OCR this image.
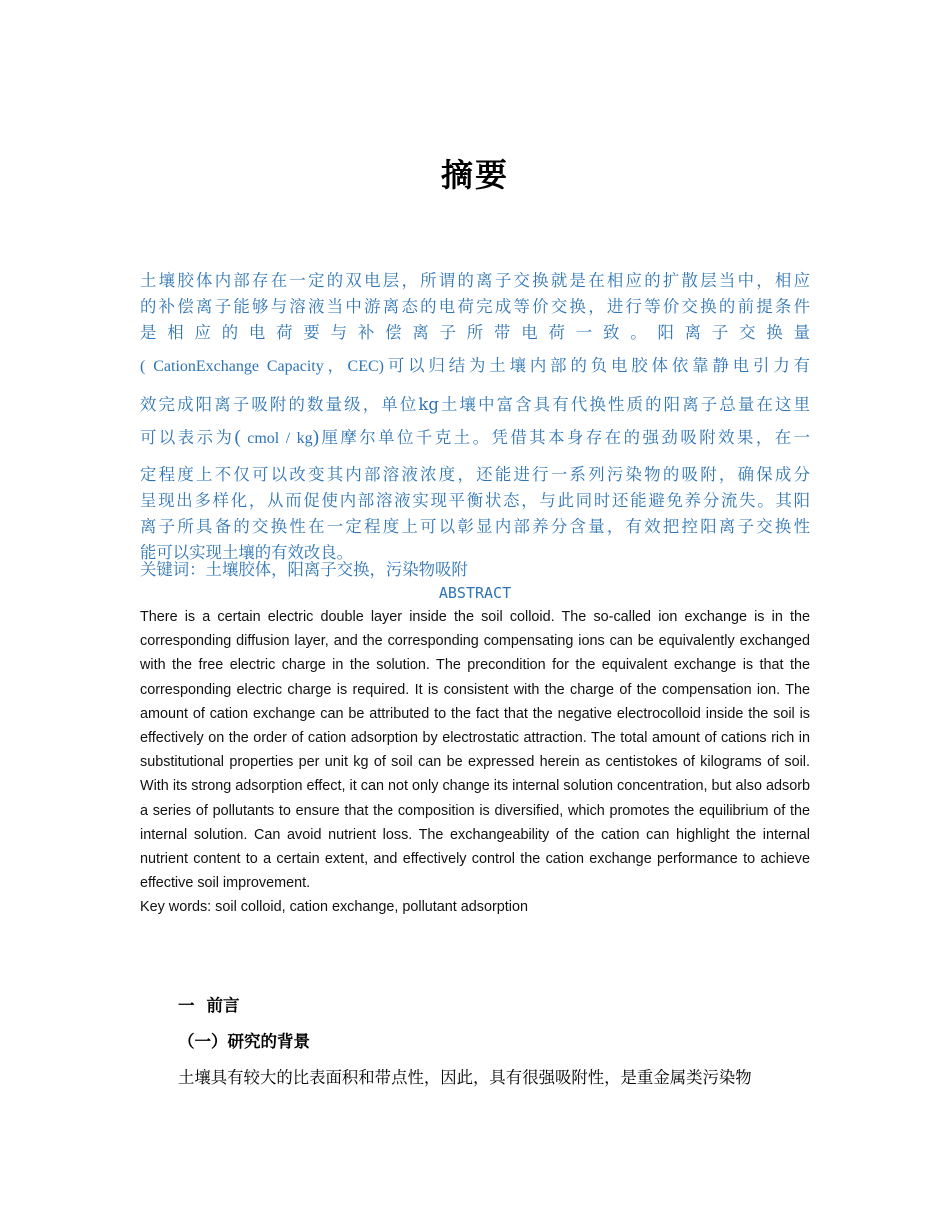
摘要
土壤胶体内部存在一定的双电层，所谓的离子交换就是在相应的扩散层当中，相应
的补偿离子能够与溶液当中游离态的电荷完成等价交换，进行等价交换的前提条件
是相应的电荷要与补偿离子所带电荷一致。阳离子交换量
( CationExchange Capacity，CEC)可以归结为土壤内部的负电胶体依靠静电引力有
效完成阳离子吸附的数量级，单位kg土壤中富含具有代换性质的阳离子总量在这里
可以表示为( cmol / kg)厘摩尔单位千克土。凭借其本身存在的强劲吸附效果，在一
定程度上不仅可以改变其内部溶液浓度，还能进行一系列污染物的吸附，确保成分
呈现出多样化，从而促使内部溶液实现平衡状态，与此同时还能避免养分流失。其阳
离子所具备的交换性在一定程度上可以彰显内部养分含量，有效把控阳离子交换性
能可以实现土壤的有效改良。
关键词：土壤胶体，阳离子交换，污染物吸附
ABSTRACT

There is a certain electric double layer inside the soil colloid. The so-called ion exchange is in the corresponding diffusion layer, and the corresponding compensating ions can be equivalently exchanged with the free electric charge in the solution. The precondition for the equivalent exchange is that the corresponding electric charge is required. It is consistent with the charge of the compensation ion. The amount of cation exchange can be attributed to the fact that the negative electrocolloid inside the soil is effectively on the order of cation adsorption by electrostatic attraction. The total amount of cations rich in substitutional properties per unit kg of soil can be expressed herein as centistokes of kilograms of soil. With its strong adsorption effect, it can not only change its internal solution concentration, but also adsorb a series of pollutants to ensure that the composition is diversified, which promotes the equilibrium of the internal solution. Can avoid nutrient loss. The exchangeability of the cation can highlight the internal nutrient content to a certain extent, and effectively control the cation exchange performance to achieve effective soil improvement.

Key words: soil colloid, cation exchange, pollutant adsorption
一 前言
（一）研究的背景
土壤具有较大的比表面积和带点性，因此，具有很强吸附性，是重金属类污染物
